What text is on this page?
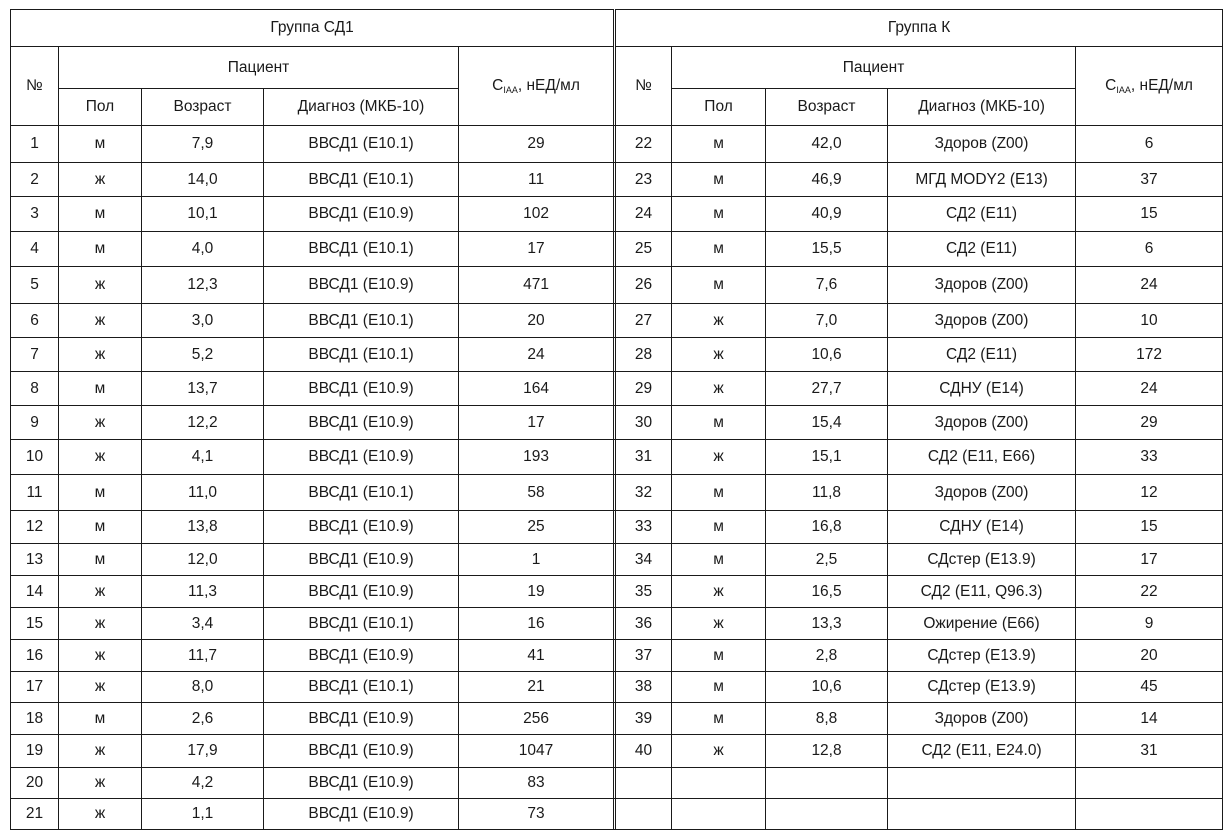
Группа СД1						Группа К				
№	Пациент			$C_{IAA}$, нЕД/мл		№	Пациент			$C_{IAA}$, нЕД/мл
	Пол	Возраст	Диагноз (МКБ-10)				Пол	Возраст	Диагноз (МКБ-10)	
1	м	7,9	ВВСД1 (E10.1)	29		22	м	42,0	Здоров (Z00)	6
2	ж	14,0	ВВСД1 (E10.1)	11		23	м	46,9	МГД MODY2 (E13)	37
3	м	10,1	ВВСД1 (E10.9)	102		24	м	40,9	СД2 (E11)	15
4	м	4,0	ВВСД1 (E10.1)	17		25	м	15,5	СД2 (E11)	6
5	ж	12,3	ВВСД1 (E10.9)	471		26	м	7,6	Здоров (Z00)	24
6	ж	3,0	ВВСД1 (E10.1)	20		27	ж	7,0	Здоров (Z00)	10
7	ж	5,2	ВВСД1 (E10.1)	24		28	ж	10,6	СД2 (E11)	172
8	м	13,7	ВВСД1 (E10.9)	164		29	ж	27,7	СДНУ (E14)	24
9	ж	12,2	ВВСД1 (E10.9)	17		30	м	15,4	Здоров (Z00)	29
10	ж	4,1	ВВСД1 (E10.9)	193		31	ж	15,1	СД2 (E11, E66)	33
11	м	11,0	ВВСД1 (E10.1)	58		32	м	11,8	Здоров (Z00)	12
12	м	13,8	ВВСД1 (E10.9)	25		33	м	16,8	СДНУ (E14)	15
13	м	12,0	ВВСД1 (E10.9)	1		34	м	2,5	СДстер (E13.9)	17
14	ж	11,3	ВВСД1 (E10.9)	19		35	ж	16,5	СД2 (E11, Q96.3)	22
15	ж	3,4	ВВСД1 (E10.1)	16		36	ж	13,3	Ожирение (E66)	9
16	ж	11,7	ВВСД1 (E10.9)	41		37	м	2,8	СДстер (E13.9)	20
17	ж	8,0	ВВСД1 (E10.1)	21		38	м	10,6	СДстер (E13.9)	45
18	м	2,6	ВВСД1 (E10.9)	256		39	м	8,8	Здоров (Z00)	14
19	ж	17,9	ВВСД1 (E10.9)	1047		40	ж	12,8	СД2 (E11, E24.0)	31
20	ж	4,2	ВВСД1 (E10.9)	83						
21	ж	1,1	ВВСД1 (E10.9)	73						
